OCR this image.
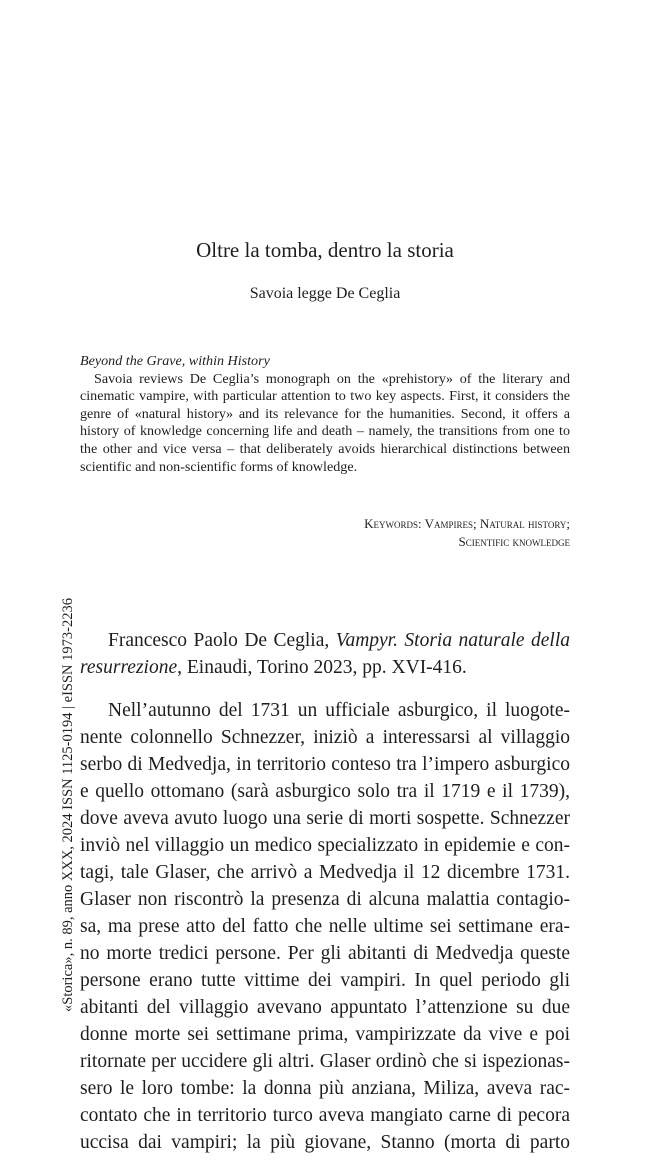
«Storica», n. 89, anno XXX, 2024 ISSN 1125-0194 | eISSN 1973-2236
Oltre la tomba, dentro la storia
Savoia legge De Ceglia

Beyond the Grave, within History

Savoia reviews De Ceglia’s monograph on the «prehistory» of the literary and cinematic vampire, with particular attention to two key aspects. First, it considers the genre of «natural history» and its relevance for the humanities. Second, it offers a history of knowledge concerning life and death – namely, the transitions from one to the other and vice versa – that deliberately avoids hierarchical distinctions between scientific and non-scientific forms of knowledge.

Keywords: Vampires; Natural history;
Scientific knowledge

Francesco Paolo De Ceglia, Vampyr. Storia naturale della resurrezione, Einaudi, Torino 2023, pp. XVI-416.

Nell’autunno del 1731 un ufficiale asburgico, il luogote-
nente colonnello Schnezzer, iniziò a interessarsi al villaggio
serbo di Medvedja, in territorio conteso tra l’impero asburgico
e quello ottomano (sarà asburgico solo tra il 1719 e il 1739),
dove aveva avuto luogo una serie di morti sospette. Schnezzer
inviò nel villaggio un medico specializzato in epidemie e con-
tagi, tale Glaser, che arrivò a Medvedja il 12 dicembre 1731.
Glaser non riscontrò la presenza di alcuna malattia contagio-
sa, ma prese atto del fatto che nelle ultime sei settimane era-
no morte tredici persone. Per gli abitanti di Medvedja queste
persone erano tutte vittime dei vampiri. In quel periodo gli
abitanti del villaggio avevano appuntato l’attenzione su due
donne morte sei settimane prima, vampirizzate da vive e poi
ritornate per uccidere gli altri. Glaser ordinò che si ispezionas-
sero le loro tombe: la donna più anziana, Miliza, aveva rac-
contato che in territorio turco aveva mangiato carne di pecora
uccisa dai vampiri; la più giovane, Stanno (morta di parto
